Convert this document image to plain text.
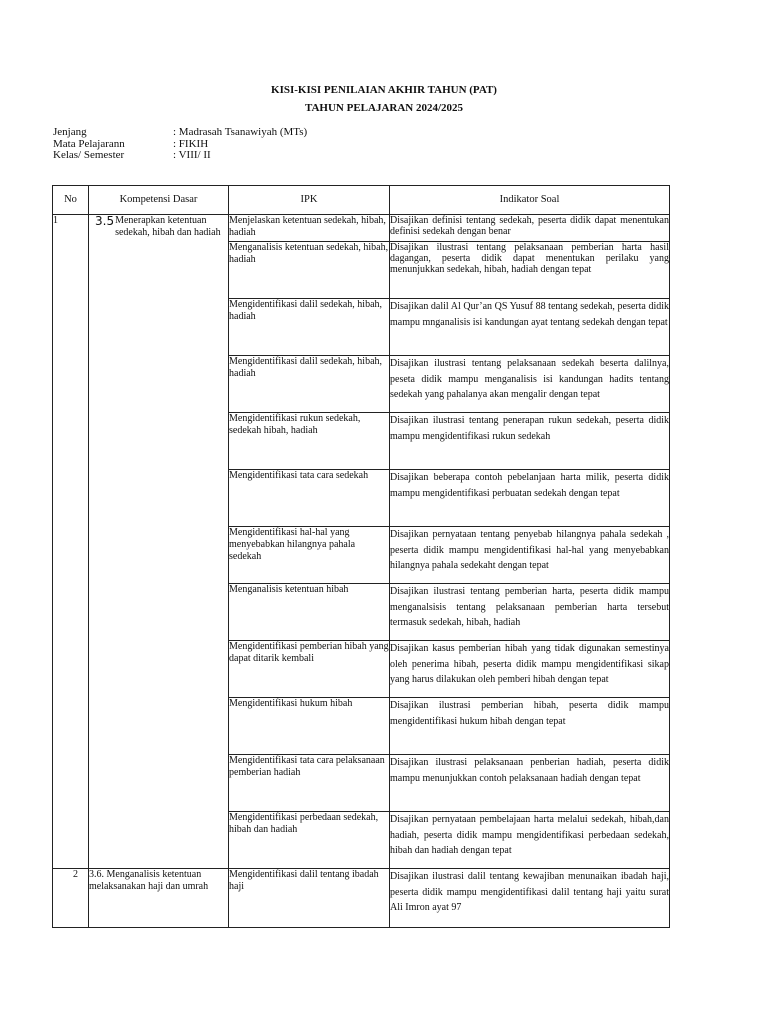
KISI-KISI PENILAIAN AKHIR TAHUN (PAT)
TAHUN PELAJARAN 2024/2025
Jenjang	: Madrasah Tsanawiyah (MTs)
Mata Pelajarann	: FIKIH
Kelas/ Semester	: VIII/ II
No	Kompetensi Dasar	IPK	Indikator Soal
1	3.5 Menerapkan ketentuan sedekah, hibah dan hadiah	Menjelaskan ketentuan sedekah, hibah, hadiah	Disajikan definisi tentang sedekah, peserta didik dapat menentukan definisi sedekah dengan benar

		Menganalisis ketentuan sedekah, hibah, hadiah	Disajikan ilustrasi tentang pelaksanaan pemberian harta hasil dagangan, peserta didik dapat menentukan perilaku yang menunjukkan sedekah, hibah, hadiah dengan tepat

		Mengidentifikasi dalil sedekah, hibah, hadiah	Disajikan dalil Al Qur’an QS Yusuf 88 tentang sedekah, peserta didik mampu mnganalisis isi kandungan ayat tentang sedekah dengan tepat

		Mengidentifikasi dalil sedekah, hibah, hadiah	Disajikan ilustrasi tentang pelaksanaan sedekah beserta dalilnya, peseta didik mampu menganalisis isi kandungan hadits tentang sedekah yang pahalanya akan mengalir dengan tepat

		Mengidentifikasi rukun sedekah, sedekah hibah, hadiah	Disajikan ilustrasi tentang penerapan rukun sedekah, peserta didik mampu mengidentifikasi rukun sedekah

		Mengidentifikasi tata cara sedekah	Disajikan beberapa contoh pebelanjaan harta milik, peserta didik mampu mengidentifikasi perbuatan sedekah dengan tepat

		Mengidentifikasi hal-hal yang menyebabkan hilangnya pahala sedekah	Disajikan pernyataan tentang penyebab hilangnya pahala sedekah , peserta didik mampu mengidentifikasi hal-hal yang menyebabkan hilangnya pahala sedekaht dengan tepat

		Menganalisis ketentuan hibah	Disajikan ilustrasi tentang pemberian harta, peserta didik mampu menganalsisis tentang pelaksanaan pemberian harta tersebut termasuk sedekah, hibah, hadiah

		Mengidentifikasi pemberian hibah yang dapat ditarik kembali	Disajikan kasus pemberian hibah yang tidak digunakan semestinya oleh penerima hibah, peserta didik mampu mengidentifikasi sikap yang harus dilakukan oleh pemberi hibah dengan tepat

		Mengidentifikasi hukum hibah	Disajikan ilustrasi pemberian hibah, peserta didik mampu mengidentifikasi hukum hibah dengan tepat

		Mengidentifikasi tata cara pelaksanaan pemberian hadiah	Disajikan ilustrasi pelaksanaan penberian hadiah, peserta didik mampu menunjukkan contoh pelaksanaan hadiah dengan tepat

		Mengidentifikasi perbedaan sedekah, hibah dan hadiah	Disajikan pernyataan pembelajaan harta melalui sedekah, hibah,dan hadiah, peserta didik mampu mengidentifikasi perbedaan sedekah, hibah dan hadiah dengan tepat

2	3.6. Menganalisis ketentuan melaksanakan haji dan umrah	Mengidentifikasi dalil tentang ibadah haji	Disajikan ilustrasi dalil tentang kewajiban menunaikan ibadah haji, peserta didik mampu mengidentifikasi dalil tentang haji yaitu surat Ali Imron ayat 97
